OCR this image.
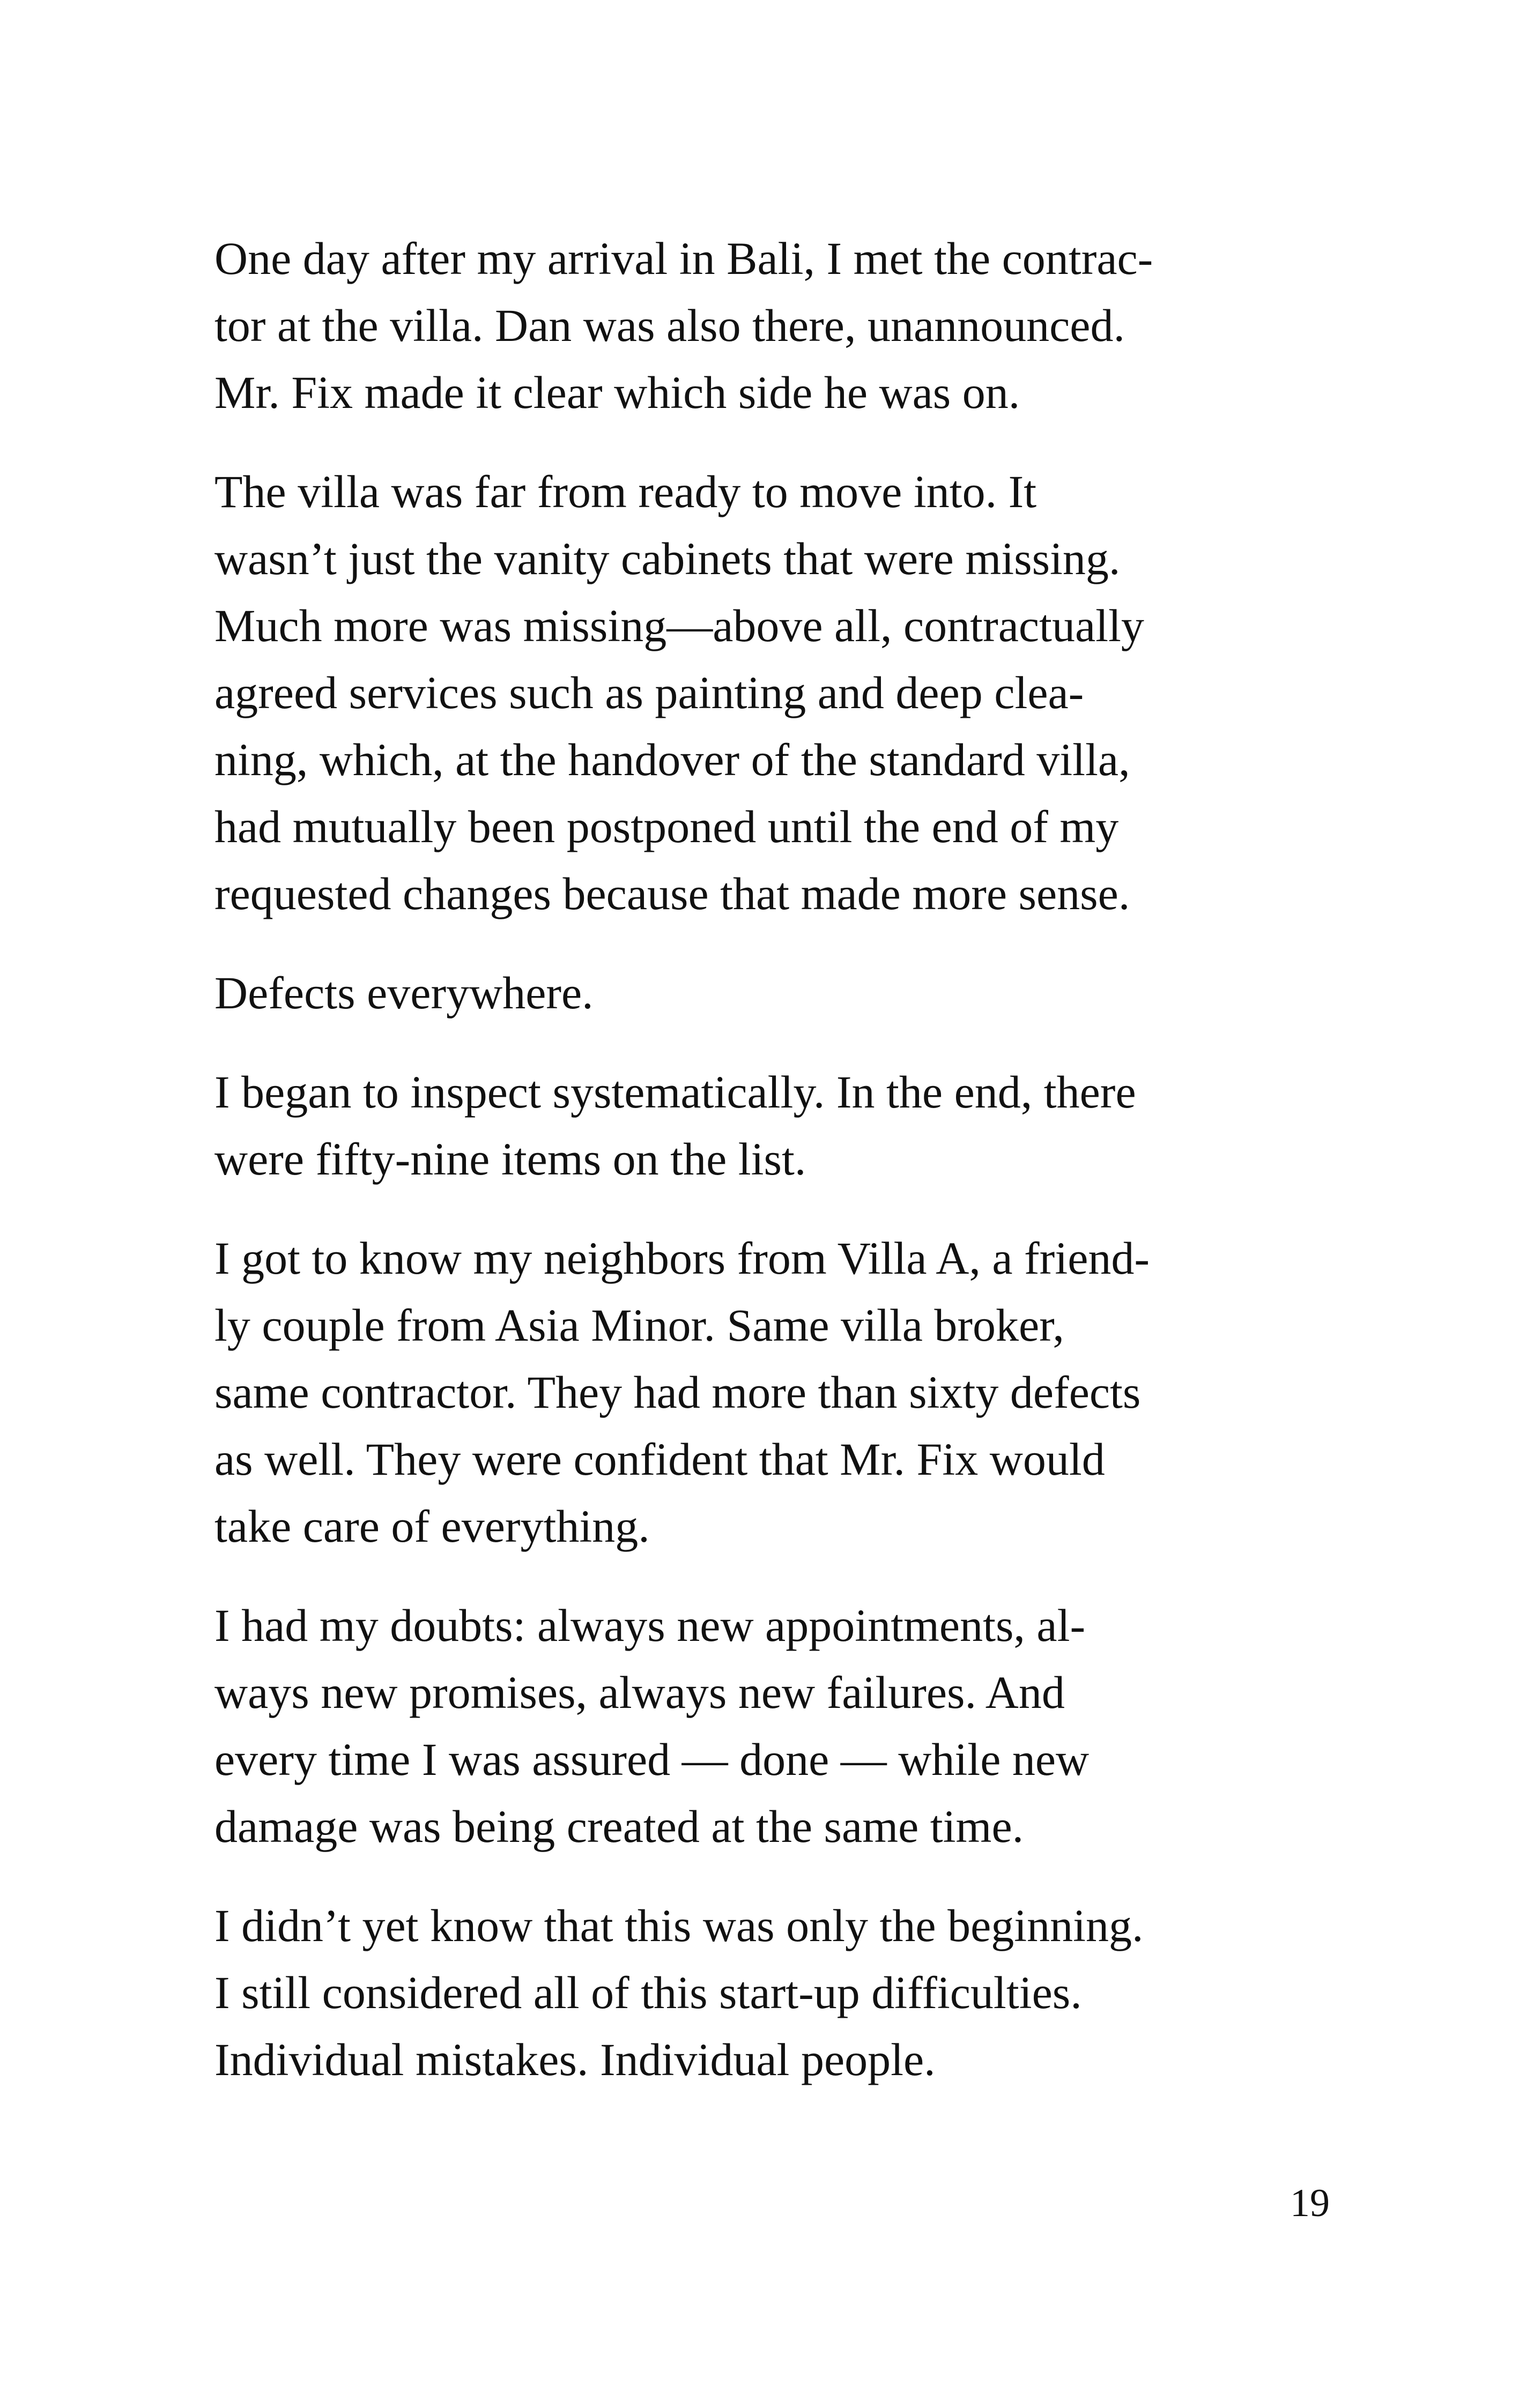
One day after my arrival in Bali, I met the contrac-
tor at the villa. Dan was also there, unannounced.
Mr. Fix made it clear which side he was on.

The villa was far from ready to move into. It
wasn’t just the vanity cabinets that were missing.
Much more was missing—above all, contractually
agreed services such as painting and deep clea-
ning, which, at the handover of the standard villa,
had mutually been postponed until the end of my
requested changes because that made more sense.

Defects everywhere.

I began to inspect systematically. In the end, there
were fifty-nine items on the list.

I got to know my neighbors from Villa A, a friend-
ly couple from Asia Minor. Same villa broker,
same contractor. They had more than sixty defects
as well. They were confident that Mr. Fix would
take care of everything.

I had my doubts: always new appointments, al-
ways new promises, always new failures. And
every time I was assured — done — while new
damage was being created at the same time.

I didn’t yet know that this was only the beginning.
I still considered all of this start-up difficulties.
Individual mistakes. Individual people.

19
